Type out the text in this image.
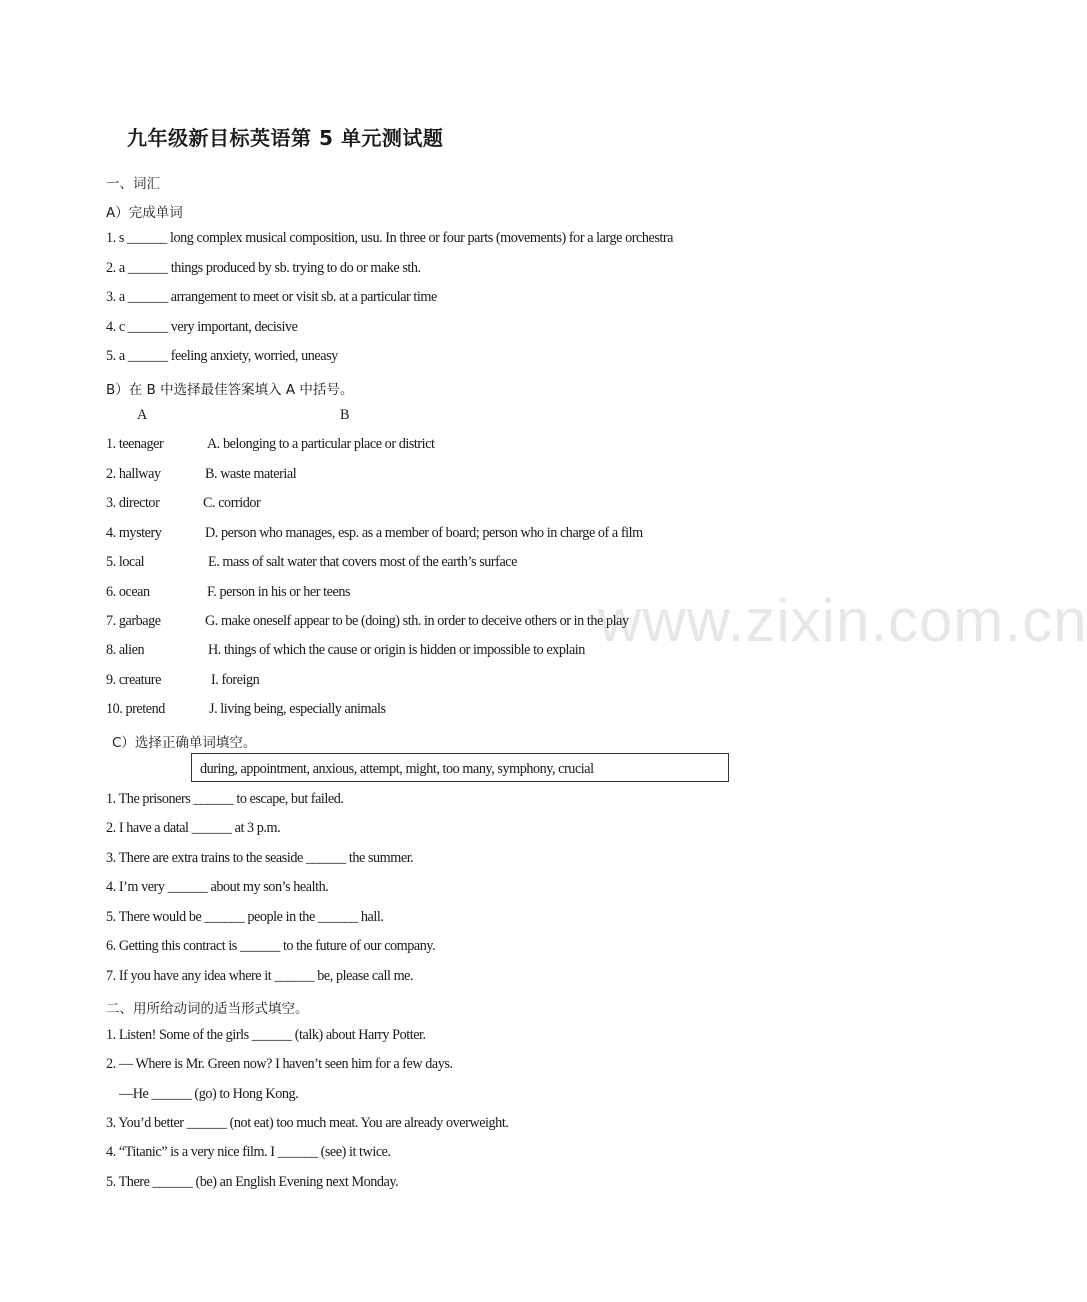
www.zixin.com.cn
九年级新目标英语第 5 单元测试题
一、词汇
A）完成单词
1. s ______ long complex musical composition, usu. In three or four parts (movements) for a large orchestra
2. a ______ things produced by sb. trying to do or make sth.
3. a ______ arrangement to meet or visit sb. at a particular time
4. c ______ very important, decisive
5. a ______ feeling anxiety, worried, uneasy
B）在 B 中选择最佳答案填入 A 中括号。
A	B
1. teenager	A. belonging to a particular place or district
2. hallway	B. waste material
3. director	C. corridor
4. mystery	D. person who manages, esp. as a member of board; person who in charge of a film
5. local	E. mass of salt water that covers most of the earth’s surface
6. ocean	F. person in his or her teens
7. garbage	G. make oneself appear to be (doing) sth. in order to deceive others or in the play
8. alien	H. things of which the cause or origin is hidden or impossible to explain
9. creature	I. foreign
10. pretend	J. living being, especially animals
C）选择正确单词填空。
during, appointment, anxious, attempt, might, too many, symphony, crucial
1. The prisoners ______ to escape, but failed.
2. I have a datal ______ at 3 p.m.
3. There are extra trains to the seaside ______ the summer.
4. I’m very ______ about my son’s health.
5. There would be ______ people in the ______ hall.
6. Getting this contract is ______ to the future of our company.
7. If you have any idea where it ______ be, please call me.
二、用所给动词的适当形式填空。
1. Listen! Some of the girls ______ (talk) about Harry Potter.
2. — Where is Mr. Green now? I haven’t seen him for a few days.
—He ______ (go) to Hong Kong.
3. You’d better ______ (not eat) too much meat. You are already overweight.
4. “Titanic” is a very nice film. I ______ (see) it twice.
5. There ______ (be) an English Evening next Monday.
